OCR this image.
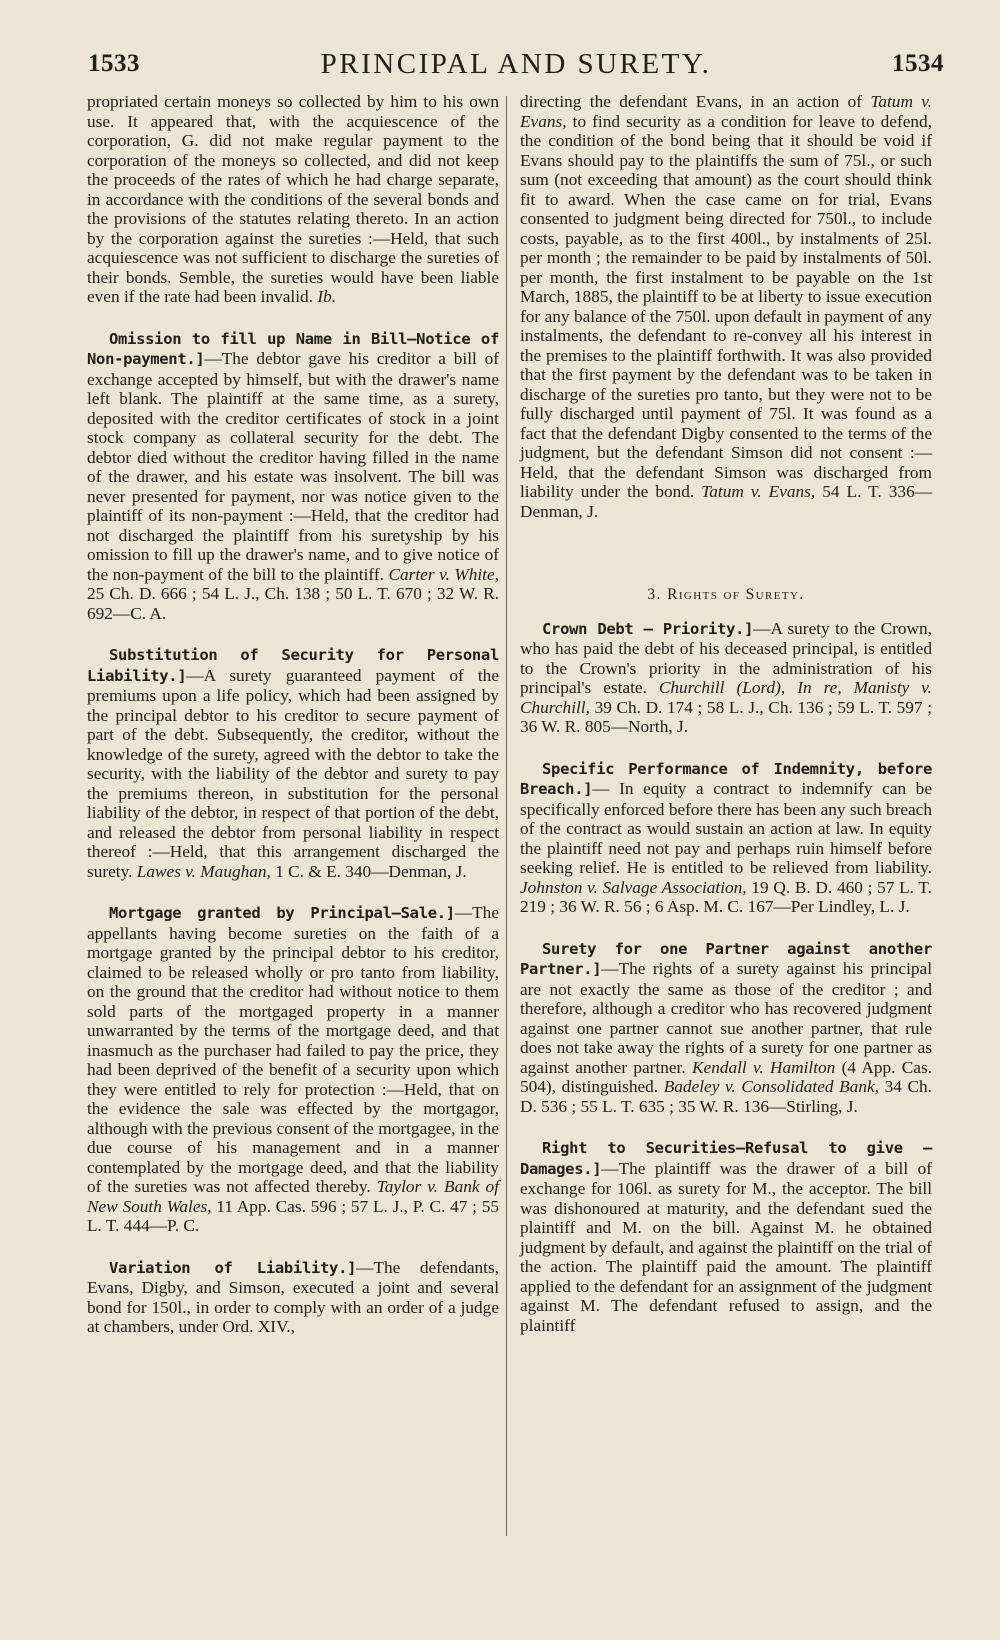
1533	PRINCIPAL AND SURETY.	1534

propriated certain moneys so collected by him to his own use. It appeared that, with the acquiescence of the corporation, G. did not make regular payment to the corporation of the moneys so collected, and did not keep the proceeds of the rates of which he had charge separate, in accordance with the conditions of the several bonds and the provisions of the statutes relating thereto. In an action by the corporation against the sureties :—Held, that such acquiescence was not sufficient to discharge the sureties of their bonds. Semble, the sureties would have been liable even if the rate had been invalid. Ib.

Omission to fill up Name in Bill—Notice of Non-payment.]—The debtor gave his creditor a bill of exchange accepted by himself, but with the drawer's name left blank. The plaintiff at the same time, as a surety, deposited with the creditor certificates of stock in a joint stock company as collateral security for the debt. The debtor died without the creditor having filled in the name of the drawer, and his estate was insolvent. The bill was never presented for payment, nor was notice given to the plaintiff of its non-payment :—Held, that the creditor had not discharged the plaintiff from his suretyship by his omission to fill up the drawer's name, and to give notice of the non-payment of the bill to the plaintiff. Carter v. White, 25 Ch. D. 666 ; 54 L. J., Ch. 138 ; 50 L. T. 670 ; 32 W. R. 692—C. A.

Substitution of Security for Personal Liability.]—A surety guaranteed payment of the premiums upon a life policy, which had been assigned by the principal debtor to his creditor to secure payment of part of the debt. Subsequently, the creditor, without the knowledge of the surety, agreed with the debtor to take the security, with the liability of the debtor and surety to pay the premiums thereon, in substitution for the personal liability of the debtor, in respect of that portion of the debt, and released the debtor from personal liability in respect thereof :—Held, that this arrangement discharged the surety. Lawes v. Maughan, 1 C. & E. 340—Denman, J.

Mortgage granted by Principal—Sale.]—The appellants having become sureties on the faith of a mortgage granted by the principal debtor to his creditor, claimed to be released wholly or pro tanto from liability, on the ground that the creditor had without notice to them sold parts of the mortgaged property in a manner unwarranted by the terms of the mortgage deed, and that inasmuch as the purchaser had failed to pay the price, they had been deprived of the benefit of a security upon which they were entitled to rely for protection :—Held, that on the evidence the sale was effected by the mortgagor, although with the previous consent of the mortgagee, in the due course of his management and in a manner contemplated by the mortgage deed, and that the liability of the sureties was not affected thereby. Taylor v. Bank of New South Wales, 11 App. Cas. 596 ; 57 L. J., P. C. 47 ; 55 L. T. 444—P. C.

Variation of Liability.]—The defendants, Evans, Digby, and Simson, executed a joint and several bond for 150l., in order to comply with an order of a judge at chambers, under Ord. XIV.,

directing the defendant Evans, in an action of Tatum v. Evans, to find security as a condition for leave to defend, the condition of the bond being that it should be void if Evans should pay to the plaintiffs the sum of 75l., or such sum (not exceeding that amount) as the court should think fit to award. When the case came on for trial, Evans consented to judgment being directed for 750l., to include costs, payable, as to the first 400l., by instalments of 25l. per month ; the remainder to be paid by instalments of 50l. per month, the first instalment to be payable on the 1st March, 1885, the plaintiff to be at liberty to issue execution for any balance of the 750l. upon default in payment of any instalments, the defendant to re-convey all his interest in the premises to the plaintiff forthwith. It was also provided that the first payment by the defendant was to be taken in discharge of the sureties pro tanto, but they were not to be fully discharged until payment of 75l. It was found as a fact that the defendant Digby consented to the terms of the judgment, but the defendant Simson did not consent :—Held, that the defendant Simson was discharged from liability under the bond. Tatum v. Evans, 54 L. T. 336—Denman, J.

3. Rights of Surety.

Crown Debt — Priority.]—A surety to the Crown, who has paid the debt of his deceased principal, is entitled to the Crown's priority in the administration of his principal's estate. Churchill (Lord), In re, Manisty v. Churchill, 39 Ch. D. 174 ; 58 L. J., Ch. 136 ; 59 L. T. 597 ; 36 W. R. 805—North, J.

Specific Performance of Indemnity, before Breach.]— In equity a contract to indemnify can be specifically enforced before there has been any such breach of the contract as would sustain an action at law. In equity the plaintiff need not pay and perhaps ruin himself before seeking relief. He is entitled to be relieved from liability. Johnston v. Salvage Association, 19 Q. B. D. 460 ; 57 L. T. 219 ; 36 W. R. 56 ; 6 Asp. M. C. 167—Per Lindley, L. J.

Surety for one Partner against another Partner.]—The rights of a surety against his principal are not exactly the same as those of the creditor ; and therefore, although a creditor who has recovered judgment against one partner cannot sue another partner, that rule does not take away the rights of a surety for one partner as against another partner. Kendall v. Hamilton (4 App. Cas. 504), distinguished. Badeley v. Consolidated Bank, 34 Ch. D. 536 ; 55 L. T. 635 ; 35 W. R. 136—Stirling, J.

Right to Securities—Refusal to give — Damages.]—The plaintiff was the drawer of a bill of exchange for 106l. as surety for M., the acceptor. The bill was dishonoured at maturity, and the defendant sued the plaintiff and M. on the bill. Against M. he obtained judgment by default, and against the plaintiff on the trial of the action. The plaintiff paid the amount. The plaintiff applied to the defendant for an assignment of the judgment against M. The defendant refused to assign, and the plaintiff
